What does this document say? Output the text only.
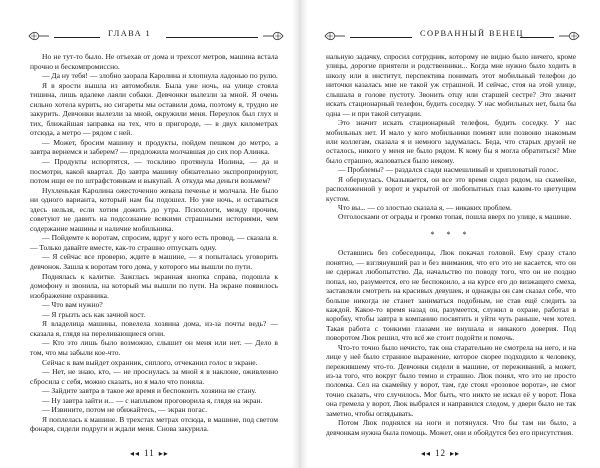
ГЛАВА 1

Но не тут-то было. Не отъехав от дома и трехсот метров, машина встала прочно и бескомпромиссно.

— Да ну тебя! — злобно заорала Каролина и хлопнула ладонью по рулю.

Я в ярости вышла из автомобиля. Была уже ночь, на улице стояла тишина, лишь вдалеке лаяли собаки. Девчонки вылезли за мной. Я очень сильно хотела курить, но сигареты мы оставили дома, поэтому я, трудно не закурить. Девчонки вылезли за мной, окружили меня. Переулок был глух и тих, ближайшая заправка на тех, что в пригороде, — в двух километрах отсюда, а метро — рядом с ней.

— Может, бросим машину и продукты, пойдем пешком до метро, а завтра вернемся и заберем? — предложила молчавшая до сих пор Алинка.

— Продукты испортятся, — тоскливо протянула Иолина, — да и посмотри, какой квартал. До завтра машину обязательно экспроприируют, потом ищи ее по штрафстоянкам и выкупай. А откуда мы деньги возьмем?

Нухленькая Каролина ожесточенно жевала печенье и молчала. Не было ни одного варианта, который нам бы подошел. Но уже ночь, и оставаться здесь нельзя, если хотим дожить до утра. Психологи, между прочим, советуют не давить на подсознание всякими страшными историями, чем содержание машины и наличие мобильника.

— Пойдемте к воротам, спросим, вдруг у кого есть провод, — сказала я. — Только давайте вместе, как-то страшно отпускать одну.

— Я сейчас все проверю, ждите в машине, — я попыталась уговорить девчонок. Зашла к воротам того дома, у которого мы вышли по пути.

Поднялась к калитке. Зажглась экранная кнопка справа, подошла к домофону и звонила, на который мы вышли по пути. На экране появилось изображение охранника.

— Что вам нужно?

— Я грызть ась как зачной кост.

Я владелица машины, повелела хозяина дома, из-за почты ведь? — сказала я, глядя на переливающиеся огни.

— Кто это лишь было возможно, слышит он меня или нет. — Дело в том, что мы забыли кое-что.

Сейчас к вам выйдет охранник, сиплого, отчеканил голос в экране.

— Нет, не знаю, кто, — не проснулась за мной я в наклоне, оживленно сбросила с себя, можно сказать, но я мало что поняла.

— Зайдите завтра в такое же время и беспокоить хозяина не стану.

— Ну завтра зайти и... — с наплывом проговорила я, глядя на экран.

— Извините, потом не обижайтесь, — экран погас.

Я поплелась к машине. В трехстах метрах отсюда, в машине, под светом фонаря, сидели подруги и ждали меня. Снова закурила.

◂◂ 11 ▸▸
СОРВАННЫЙ ВЕНЕЦ

нальную задачку, спросил сотрудник, которому не видно было ничего, кроме улицы, дорогие приятели и родственники... Когда мне нужно было ходить в школу или в институт, перспектива понимать этот мобильный телефон до ниточки казалась мне не такой уж страшной. И сейчас, стоя на этой улице, слышала в голове пустоту. Звонить отцу или старшей сестре? Это значит искать стационарный телефон, будить соседку. У нас мобильных нет, была бы одна — и при такой ситуации.

Это значит искать стационарный телефон, будить соседку. У нас мобильных нет. И мало у кого мобильники помнят или позвоню знакомым или коллегам, сказала я и немного задумалась. Беда, что старых друзей не осталось, никого у меня не было рядом. К кому бы я могла обратиться? Мне было страшно, жаловаться было некому.

— Проблемы? — раздался сзади насмешливый и хрипловатый голос.

Я обернулась. Оказывается, он все это время сидел рядом, на скамейке, расположенной у ворот и укрытой от любопытных глаз каким-то цветущим кустом.

Что вы... — со злостью сказала я, — никаких проблем.

Отголосками от ограды и громко топая, пошла вверх по улице, к машине.

* * *

Оставшись без собеседницы, Люк покачал головой. Ему сразу стало понятно, — взглянувший раз и без внимания, что его это не касается, что он не сдержал любопытство. Да, начальство по поводу того, что он не поздно попал, но, разумеется, его не беспокоило, а на курсе его до визжащего смеха, заставляли смотреть на красивых девушек, и однажды он сам сказал себе, что больше никогда не станет заниматься подобным, не став ещё следить за каждой. Какое-то время назад он, разумеется, служил в охране, работал в коробку, чтобы завтра в компанию посвятить и уйти чуть раньше, чем хотел. Такая работа с тонкими глазами не внушала и никакого доверия. Под поворотом Люк решил, что всё же стоит подойти и помочь.

Что-то точно было нечисто, так она старательно не смотрела на него, и на лице у неё было странное выражение, которое скорее подходило к человеку, пережившему что-то. Девчонки сидели в машине, от переживаний, а может, из-за того, что вокруг было темно и страшно. Люк понял, что это не просто поломка. Сел на скамейку у ворот, там, где стоял «розовое ворота», не смог точно сказать, что случилось. Мог быть, что никто не искал её у ворот. Пока она гремела у ворот, Люк выбрался и направился следом, у двери было не так заметно, чтобы оглядывать.

Потом Люк поднялся на ноги и потянулся. Что бы там ни было, а девчонкам нужна была помощь. Может, они и обойдутся без его присутствия.

◂◂ 12 ▸▸
